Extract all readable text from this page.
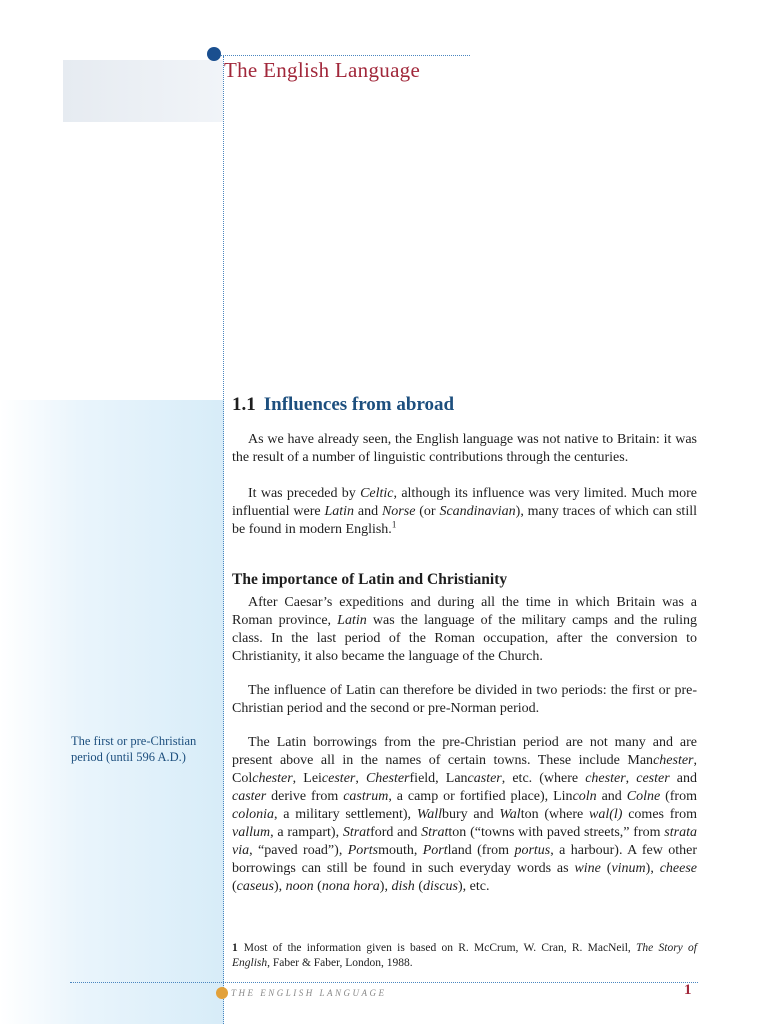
The English Language
1.1 Influences from abroad

As we have already seen, the English language was not native to Britain: it was the result of a number of linguistic contributions through the centuries.

It was preceded by Celtic, although its influence was very limited. Much more influential were Latin and Norse (or Scandinavian), many traces of which can still be found in modern English.$^1$

The importance of Latin and Christianity

After Caesar’s expeditions and during all the time in which Britain was a Roman province, Latin was the language of the military camps and the ruling class. In the last period of the Roman occupation, after the conversion to Christianity, it also became the language of the Church.

The influence of Latin can therefore be divided in two periods: the first or pre-Christian period and the second or pre-Norman period.

The first or pre-Christian period (until 596 A.D.)

The Latin borrowings from the pre-Christian period are not many and are present above all in the names of certain towns. These include Manchester, Colchester, Leicester, Chesterfield, Lancaster, etc. (where chester, cester and caster derive from castrum, a camp or fortified place), Lincoln and Colne (from colonia, a military settlement), Wallbury and Walton (where wal(l) comes from vallum, a rampart), Stratford and Stratton (“towns with paved streets,” from strata via, “paved road”), Portsmouth, Portland (from portus, a harbour). A few other borrowings can still be found in such everyday words as wine (vinum), cheese (caseus), noon (nona hora), dish (discus), etc.

1 Most of the information given is based on R. McCrum, W. Cran, R. MacNeil, The Story of English, Faber & Faber, London, 1988.

THE ENGLISH LANGUAGE	1
